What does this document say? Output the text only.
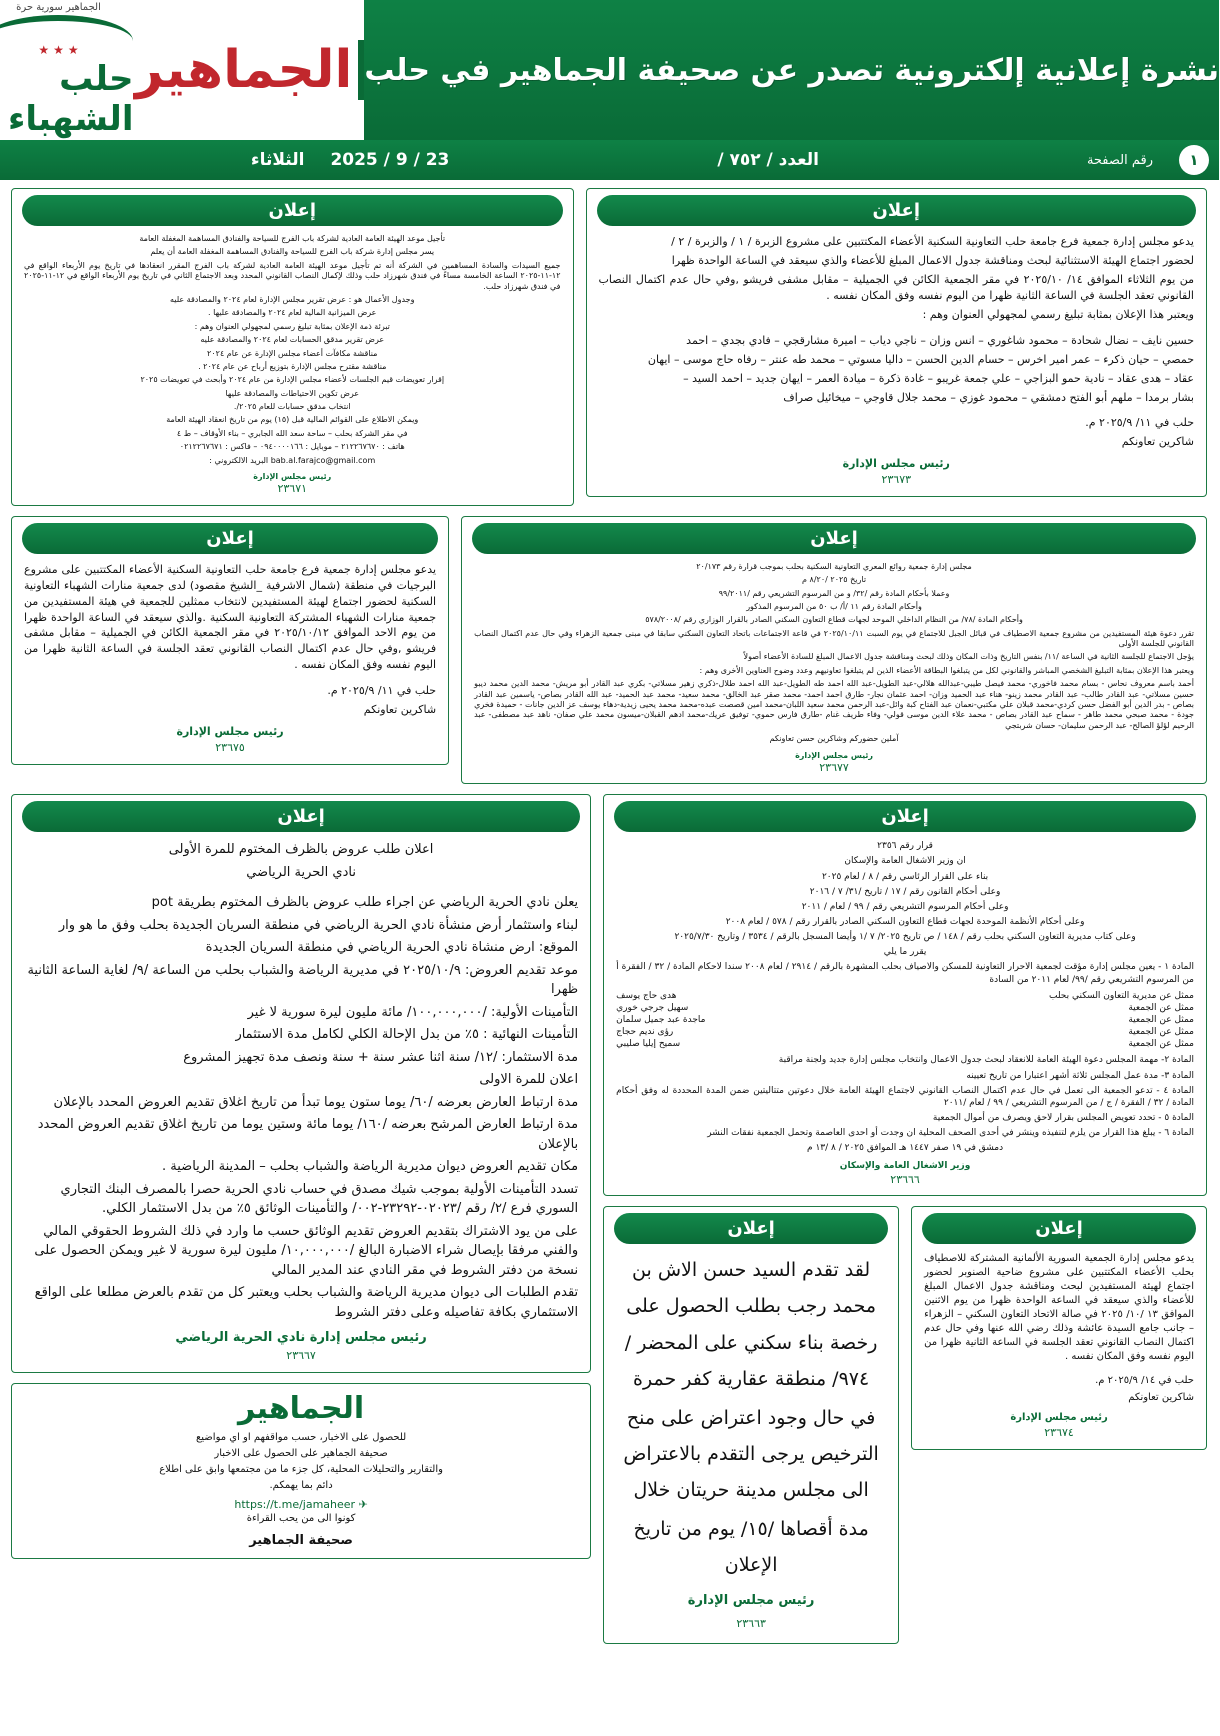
نشرة إعلانية إلكترونية تصدر عن صحيفة الجماهير في حلب
الجماهير
الجماهير سورية حرة
★
★
★
حلب الشهباء
١
رقم الصفحة
العدد / ٧٥٢ /
23 / 9 / 2025
الثلاثاء
إعلان

يدعو مجلس إدارة جمعية فرع جامعة حلب التعاونية السكنية الأعضاء المكتتبين على مشروع الزبرة / ١ / والزبرة / ٢ /

لحضور اجتماع الهيئة الاستثنائية لبحث ومناقشة جدول الاعمال المبلغ للأعضاء والذي سيعقد في الساعة الواحدة ظهرا

من يوم الثلاثاء الموافق ١٤/ ٢٠٢٥/١٠ في مقر الجمعية الكائن في الجميلية – مقابل مشفى فريشو ,وفي حال عدم اكتمال النصاب القانوني تعقد الجلسة في الساعة الثانية ظهرا من اليوم نفسه وفق المكان نفسه .

ويعتبر هذا الإعلان بمثابة تبليغ رسمي لمجهولي العنوان وهم :

حسين نايف – نضال شحادة – محمود شاغوري – انس وزان – ناجي دياب – اميرة مشارقجي – فادي بجدي – احمد

حمصي – حيان ذكرء – عمر امير اخرس – حسام الدين الحسن – داليا مسوتي – محمد طه عنتر – رفاه حاج موسى – ايهان

عقاد – هدى عقاد – نادية حمو البزاجي – علي جمعة غريبو – غادة ذكرة – ميادة العمر – ايهان جديد – احمد السيد –

بشار برمدا – ملهم أبو الفتح دمشقي – محمود غوزي – محمد جلال قاوجي – ميخائيل صراف

حلب في ١١/ ٢٠٢٥/٩ م.

شاكرين تعاونكم

رئيس مجلس الإدارة
٢٣٦٧٣
إعلان

تأجيل موعد الهيئة العامة العادية لشركة باب الفرج للسياحة والفنادق المساهمة المغفلة العامة

يسر مجلس إدارة شركة باب الفرج للسياحة والفنادق المساهمة المغفلة العامة أن يعلم

جميع السيدات والسادة المساهمين في الشركة أنه تم تأجيل موعد الهيئة العامة العادية لشركة باب الفرج المقرر انعقادها في تاريخ يوم الأربعاء الواقع في ١٢-١١-٢٠٢٥ الساعة الخامسة مساءً في فندق شهرزاد حلب وذلك لإكمال النصاب القانوني المحدد وبعد الاجتماع الثاني في تاريخ يوم الأربعاء الواقع في ١٢-١١-٢٠٢٥ في فندق شهرزاد حلب.

وجدول الأعمال هو : عرض تقرير مجلس الإدارة لعام ٢٠٢٤ والمصادقة عليه

عرض الميزانية المالية لعام ٢٠٢٤ والمصادقة عليها .

تبرئة ذمة الإعلان بمثابة تبليغ رسمي لمجهولي العنوان وهم :

عرض تقرير مدقق الحسابات لعام ٢٠٢٤ والمصادقة عليه

مناقشة مكافآت أعضاء مجلس الإدارة عن عام ٢٠٢٤

مناقشة مقترح مجلس الإدارة بتوزيع أرباح عن عام ٢٠٢٤ .

إقرار تعويضات قيم الجلسات لأعضاء مجلس الإدارة من عام ٢٠٢٤ وأبحث في تعويضات ٢٠٢٥

عرض تكوين الاحتياطات والمصادقة عليها

انتخاب مدقق حسابات للعام ٢٠٢٥/.

ويمكن الاطلاع على القوائم المالية قبل (١٥) يوم من تاريخ انعقاد الهيئة العامة

في مقر الشركة بحلب – ساحة سعد الله الجابري – بناء الأوقاف – ط ٤

هاتف : ٢١٢٢٦٧٦٧٠ – موبايل : ٠٩٤٠٠٠٠١٦٦ – فاكس : ٠٢١٢٢٦٧٦٧١

bab.al.farajco@gmail.com البريد الالكتروني :

رئيس مجلس الإدارة
٢٣٦٧١
إعلان

مجلس إدارة جمعية روائع المعري التعاونية السكنية بحلب بموجب قرارة رقم ٢٠/١٧٣

تاريخ ٢٠٢٥ /٨/٢٠ م

وعملا بأحكام المادة رقم /٣٢/ و من المرسوم التشريعي رقم /٩٩/٢٠١١

وأحكام المادة رقم ١١ /أ/ ب ٥٠ من المرسوم المذكور

وأحكام المادة /٧٨/ من النظام الداخلي الموحد لجهات قطاع التعاون السكني الصادر بالقرار الوزاري رقم /٥٧٨/٢٠٠٨

تقرر دعوة هيئة المستفيدين من مشروع جمعية الاصطياف في قبائل الجبل للاجتماع في يوم السبت ٢٠٢٥/١٠/١١ في قاعة الاجتماعات باتحاد التعاون السكني سابقا في مبنى جمعية الزهراء وفي حال عدم اكتمال النصاب القانوني للجلسة الأولى

يؤجل الاجتماع للجلسة الثانية في الساعة /١١/ بنفس التاريخ وذات المكان وذلك لبحث ومناقشة جدول الاعمال المبلغ للسادة الأعضاء أصولاً

ويعتبر هذا الإعلان بمثابة التبليغ الشخصي المباشر والقانوني لكل من يتبلغوا البطاقة الأعضاء الذين لم يتبلغوا تعاونيهم وعدد وضوح العناوين الأخرى وهم :

أحمد باسم معروف نحاس - بسام محمد فاخوري- محمد فيصل طيبي-عبدالله هلالي-عبد الطويل-عبد الله احمد طه الطويل-عبد الله احمد طلال-ذكري زهير مسلاتي- بكري عبد القادر أبو مريش- محمد الدين محمد ديبو حسين مسلاتي- عبد القادر طالب- عبد القادر محمد زينو- هناء عبد الحميد وزان- احمد عثمان نجار- طارق احمد احمد- محمد صقر عبد الخالق- محمد سعيد- محمد عبد الحميد- عبد الله القادر بصاص- ياسمين عبد القادر بصاص - بدر الدين أبو الفضل حسن كردي-محمد قبلان علي مكتبي-نعمان عبد الفتاح كبة وائل-عبد الرحمن محمد سعيد اللبان-محمد امين قصصت عبده-محمد محمد يحيى زيدية-دهاء يوسف عز الدين جانات - حميدة فخري جودة - محمد صبحي محمد طاهر - سماح عبد القادر بصاص - محمد علاء الدين موسى قولي- وفاء طريف غنام -طارق فارس حموي- توفيق عريك-محمد ادهم القبلان-ميسون محمد علي صفان- ناهد عبد مصطفى- عبد الرحيم لؤلؤ الصالح- عبد الرحمن سليمان- حسان شربتجي

آملين حضوركم وشاكرين حسن تعاونكم

رئيس مجلس الإدارة
٢٣٦٧٧
إعلان

يدعو مجلس إدارة جمعية فرع جامعة حلب التعاونية السكنية الأعضاء المكتتبين على مشروع البرجيات في منطقة (شمال الاشرفية _الشيخ مقصود) لدى جمعية منارات الشهباء التعاونية السكنية لحضور اجتماع لهيئة المستفيدين لانتخاب ممثلين للجمعية في هيئة المستفيدين من جمعية منارات الشهباء المشتركة التعاونية السكنية .والذي سيعقد في الساعة الواحدة ظهرا من يوم الاحد الموافق ٢٠٢٥/١٠/١٢ في مقر الجمعية الكائن في الجميلية – مقابل مشفى فريشو ,وفي حال عدم اكتمال النصاب القانوني تعقد الجلسة في الساعة الثانية ظهرا من اليوم نفسه وفق المكان نفسه .

حلب في ١١/ ٢٠٢٥/٩ م.

شاكرين تعاونكم

رئيس مجلس الإدارة
٢٣٦٧٥
إعلان

قرار رقم ٢٣٥٦

ان وزير الاشغال العامة والإسكان

بناء على القرار الرئاسي رقم / ٨ / لعام ٢٠٢٥

وعلى أحكام القانون رقم / ١٧ / تاريخ /٣١/ ٧ / ٢٠١٦

وعلى أحكام المرسوم التشريعي رقم / ٩٩ / لعام / ٢٠١١

وعلى أحكام الأنظمة الموحدة لجهات قطاع التعاون السكني الصادر بالقرار رقم / ٥٧٨ / لعام ٢٠٠٨

وعلى كتاب مديرية التعاون السكني بحلب رقم / ١٤٨ / ص تاريخ ٢٠٢٥/ ٧ /١ وأيضا المسجل بالرقم / ٣٥٣٤ / وتاريخ ٢٠٢٥/٧/٣٠

يقرر ما يلي

المادة ١ - يعين مجلس إدارة مؤقت لجمعية الاحرار التعاونية للمسكن والاصياف بحلب المشهرة بالرقم / ٢٩١٤ / لعام ٢٠٠٨ سندا لاحكام المادة / ٣٢ / الفقرة أ من المرسوم التشريعي رقم /٩٩/ لعام ٢٠١١ من السادة

ممثل عن مديرية التعاون السكني بحلب
هدى حاج يوسف
ممثل عن الجمعية
سهيل جرجي خوري
ممثل عن الجمعية
ماجدة عبد جميل سلمان
ممثل عن الجمعية
رؤى نديم حجاج
ممثل عن الجمعية
سميح إيليا صليبي

المادة ٢- مهمة المجلس دعوة الهيئة العامة للانعقاد لبحث جدول الاعمال وانتخاب مجلس إدارة جديد ولجنة مراقبة

المادة ٣- مدة عمل المجلس ثلاثة أشهر اعتبارا من تاريخ تعيينه

المادة ٤ - تدعو الجمعية الى تعمل في حال عدم اكتمال النصاب القانوني لاجتماع الهيئة العامة خلال دعوتين متتاليتين ضمن المدة المحددة له وفق أحكام المادة / ٣٢ / الفقرة / ج / من المرسوم التشريعي / ٩٩ / لعام /٢٠١١

المادة ٥ - تحدد تعويض المجلس بقرار لاحق ويصرف من أموال الجمعية

المادة ٦ - يبلغ هذا القرار من يلزم لتنفيذه وينشر في أحدى الصحف المحلية ان وجدت أو احدى العاصمة وتحمل الجمعية نفقات النشر

دمشق في ١٩ صفر ١٤٤٧ هـ الموافق ٢٠٢٥ / ٨ /١٣ م

وزير الاشغال العامة والإسكان
٢٣٦٦٦
إعلان

يدعو مجلس إدارة الجمعية السورية الألمانية المشتركة للاصطياف بحلب الأعضاء المكتتبين على مشروع ضاحية الصنوبر لحضور اجتماع لهيئة المستفيدين لبحث ومناقشة جدول الاعمال المبلغ للأعضاء والذي سيعقد في الساعة الواحدة ظهرا من يوم الاثنين الموافق ١٣ /١٠/ ٢٠٢٥ في صالة الاتحاد التعاون السكني – الزهراء – جانب جامع السيدة عائشة وذلك رضي الله عنها وفي حال عدم اكتمال النصاب القانوني تعقد الجلسة في الساعة الثانية ظهرا من اليوم نفسه وفق المكان نفسه .

حلب في ١٤/ ٢٠٢٥/٩ م.

شاكرين تعاونكم

رئيس مجلس الإدارة
٢٣٦٧٤
إعلان

لقد تقدم السيد حسن الاش بن محمد رجب بطلب الحصول على رخصة بناء سكني على المحضر /٩٧٤/ منطقة عقارية كفر حمرة

في حال وجود اعتراض على منح الترخيص يرجى التقدم بالاعتراض الى مجلس مدينة حريتان خلال

مدة أقصاها /١٥/ يوم من تاريخ الإعلان

رئيس مجلس الإدارة
٢٣٦٦٣
إعلان

اعلان طلب عروض بالظرف المختوم للمرة الأولى

نادي الحرية الرياضي

يعلن نادي الحرية الرياضي عن اجراء طلب عروض بالظرف المختوم بطريقة pot

لبناء واستثمار أرض منشأة نادي الحرية الرياضي في منطقة السريان الجديدة بحلب وفق ما هو وار

الموقع: ارض منشاة نادي الحرية الرياضي في منطقة السريان الجديدة

موعد تقديم العروض: ٢٠٢٥/١٠/٩ في مديرية الرياضة والشباب بحلب من الساعة /٩/ لغاية الساعة الثانية ظهرا

التأمينات الأولية: /١٠٠,٠٠٠,٠٠٠/ مائة مليون ليرة سورية لا غير

التأمينات النهائية : ٥٪ من بدل الإحالة الكلي لكامل مدة الاستثمار

مدة الاستثمار: /١٢/ سنة اثنا عشر سنة + سنة ونصف مدة تجهيز المشروع

اعلان للمرة الاولى

مدة ارتباط العارض بعرضه /٦٠/ يوما ستون يوما تبدأ من تاريخ اغلاق تقديم العروض المحدد بالإعلان

مدة ارتباط العارض المرشح بعرضه /١٦٠/ يوما مائة وستين يوما من تاريخ اغلاق تقديم العروض المحدد بالإعلان

مكان تقديم العروض ديوان مديرية الرياضة والشباب بحلب – المدينة الرياضية .

تسدد التأمينات الأولية بموجب شيك مصدق في حساب نادي الحرية حصرا بالمصرف البنك التجاري السوري فرع /٢/ رقم /٠٢٠٢٣-٢٣٢٩٢-٠٠٢/ والتأمينات الوثائق ٥٪ من بدل الاستثمار الكلي.

على من يود الاشتراك بتقديم العروض تقديم الوثائق حسب ما وارد في ذلك الشروط الحقوقي المالي والفني مرفقا بإيصال شراء الاضبارة البالغ /١٠,٠٠٠,٠٠٠/ مليون ليرة سورية لا غير ويمكن الحصول على نسخة من دفتر الشروط في مقر النادي عند المدير المالي

تقدم الطلبات الى ديوان مديرية الرياضة والشباب بحلب ويعتبر كل من تقدم بالعرض مطلعا على الواقع الاستثماري بكافة تفاصيله وعلى دفتر الشروط

رئيس مجلس إدارة نادي الحرية الرياضي
٢٣٦٦٧
الجماهير
للحصول على الاخبار، حسب مواقفهم او اي مواضيع
صحيفة الجماهير على الحصول على الاخبار
والتقارير والتحليلات المحلية، كل جزء ما من مجتمعها وابق على اطلاع
دائم بما يهمكم.
✈ https://t.me/jamaheer
كونوا الى من يحب القراءة
صحيفة الجماهير
